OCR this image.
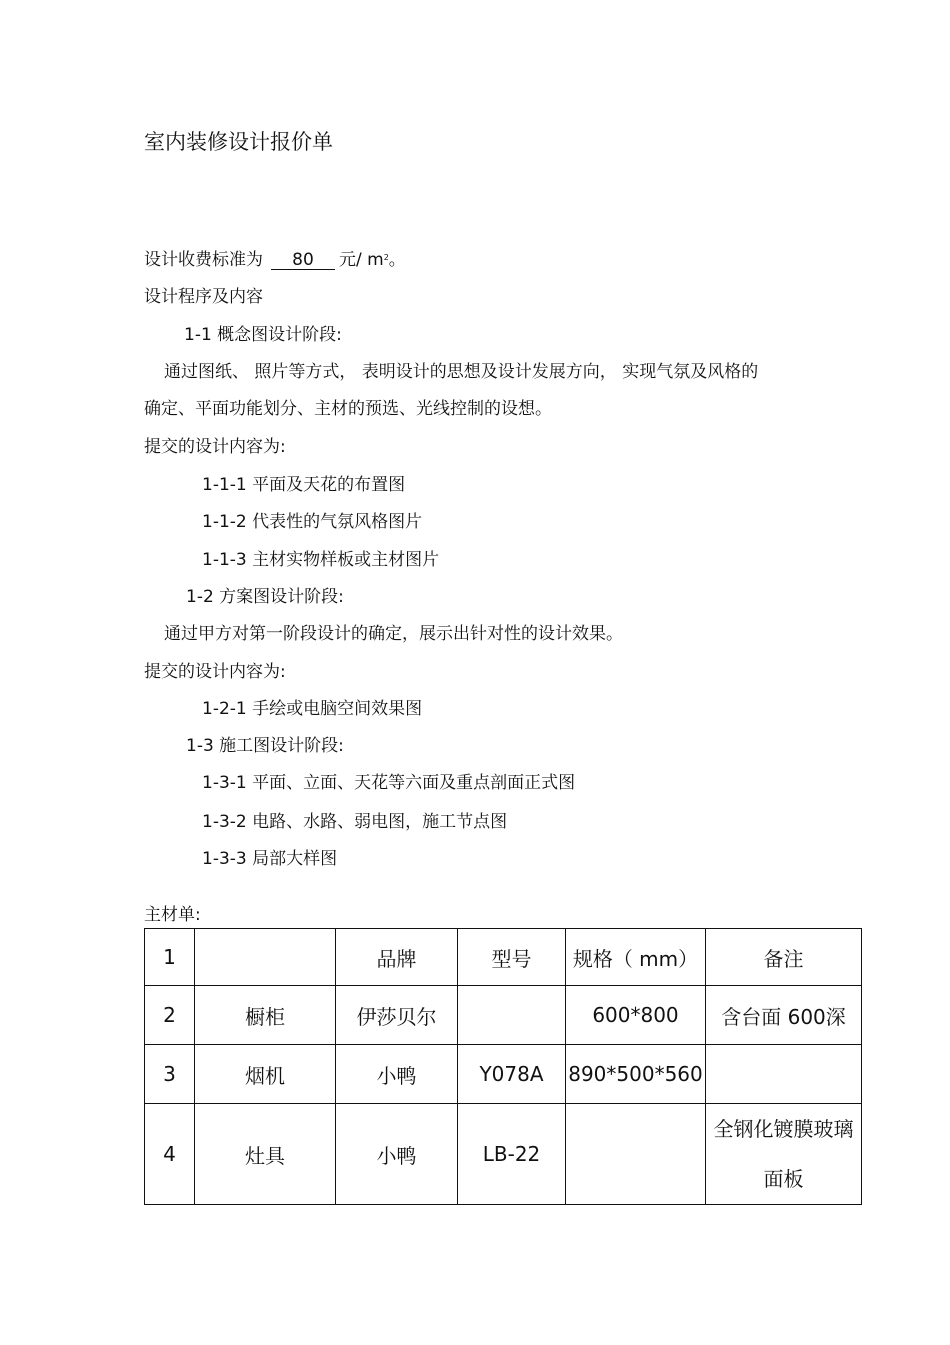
室内装修设计报价单
设计收费标准为 80 元/ $m^2$。
设计程序及内容
1-1 概念图设计阶段:
通过图纸、 照片等方式， 表明设计的思想及设计发展方向， 实现气氛及风格的
确定、平面功能划分、主材的预选、光线控制的设想。
提交的设计内容为:
1-1-1 平面及天花的布置图
1-1-2 代表性的气氛风格图片
1-1-3 主材实物样板或主材图片
1-2 方案图设计阶段:
通过甲方对第一阶段设计的确定，展示出针对性的设计效果。
提交的设计内容为:
1-2-1 手绘或电脑空间效果图
1-3 施工图设计阶段:
1-3-1 平面、立面、天花等六面及重点剖面正式图
1-3-2 电路、水路、弱电图，施工节点图
1-3-3 局部大样图
主材单:
1		品牌	型号	规格（ mm）	备注
2	橱柜	伊莎贝尔		600*800	含台面 600深
3	烟机	小鸭	Y078A	890*500*560	
4	灶具	小鸭	LB-22		全钢化镀膜玻璃面板
